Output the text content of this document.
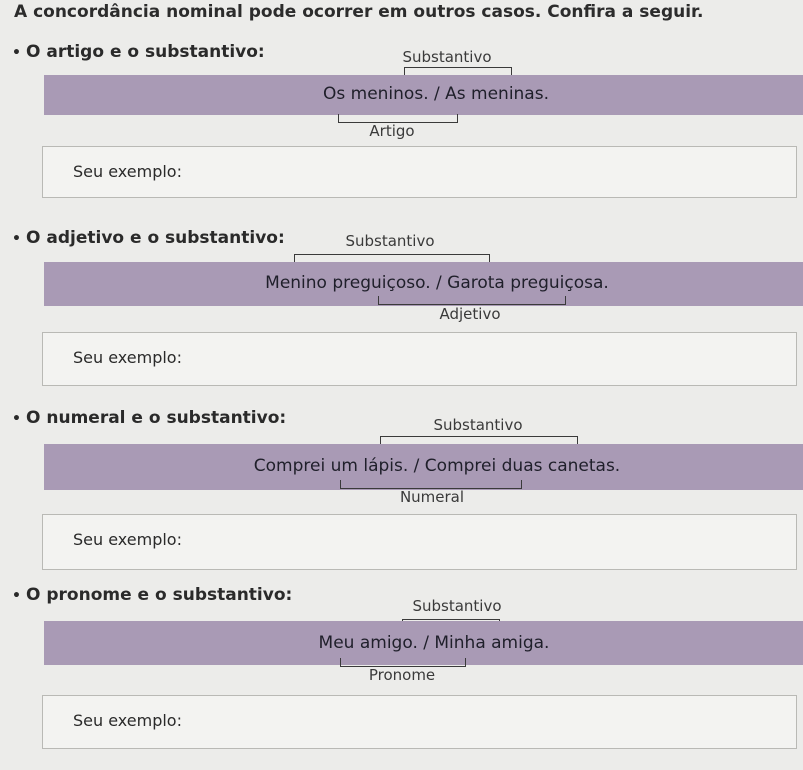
A concordância nominal pode ocorrer em outros casos. Confira a seguir.
• O artigo e o substantivo:	Substantivo
Os meninos. / As meninas.
Artigo
Seu exemplo:
• O adjetivo e o substantivo:	Substantivo
Menino preguiçoso. / Garota preguiçosa.
Adjetivo
Seu exemplo:
• O numeral e o substantivo:	Substantivo
Comprei um lápis. / Comprei duas canetas.
Numeral
Seu exemplo:
• O pronome e o substantivo:
Substantivo
Meu amigo. / Minha amiga.
Pronome
Seu exemplo:
